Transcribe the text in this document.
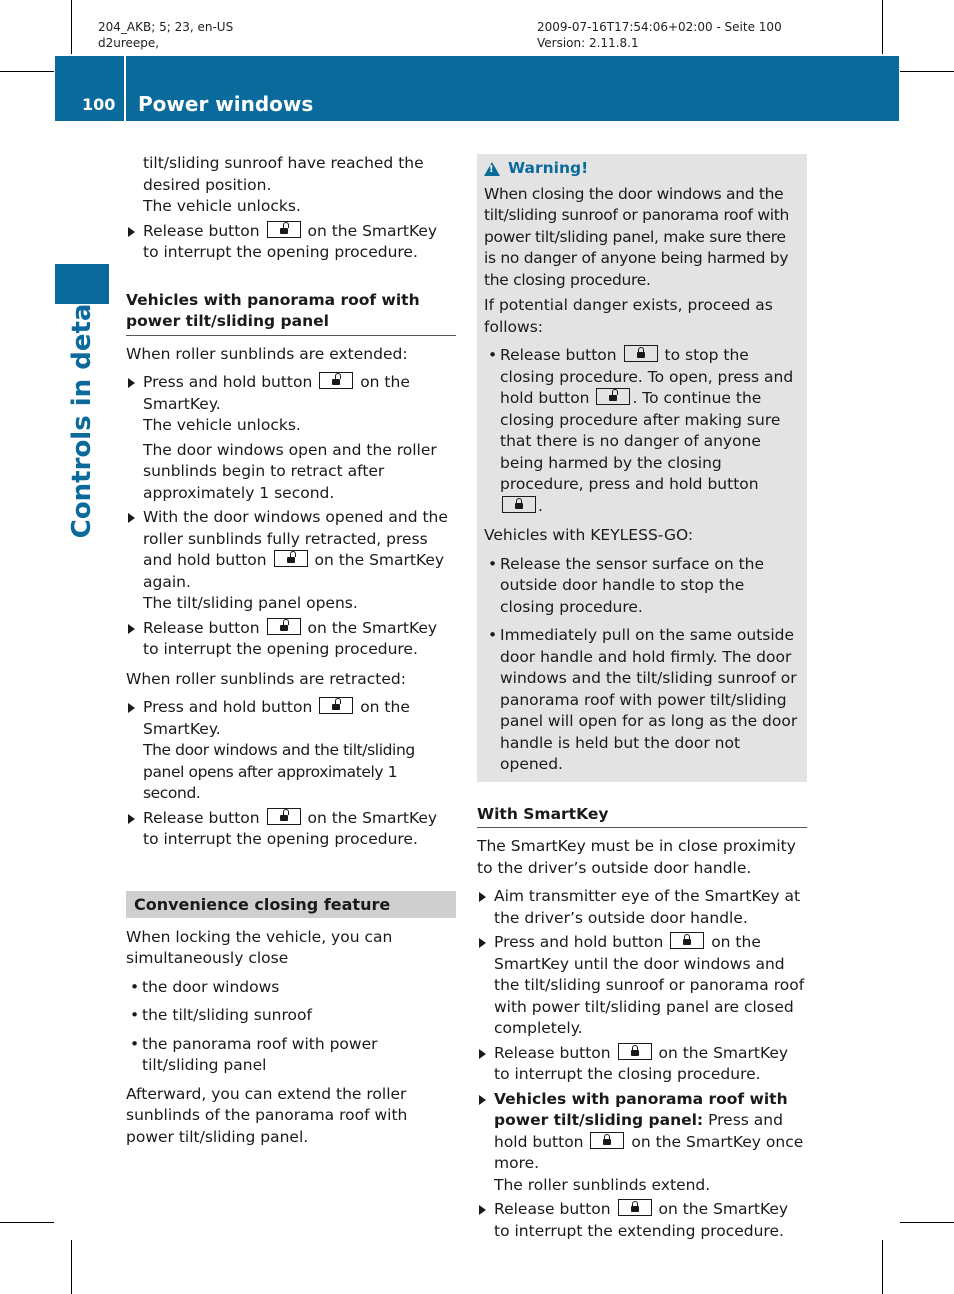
204_AKB; 5; 23, en-US
d2ureepe,
2009-07-16T17:54:06+02:00 - Seite 100
Version: 2.11.8.1
100 Power windows
Controls in detail

tilt/sliding sunroof have reached the desired position.

The vehicle unlocks.

Release button	on the SmartKey to interrupt the opening procedure.

Vehicles with panorama roof with power tilt/sliding panel

When roller sunblinds are extended:

Press and hold button	on the SmartKey.

The vehicle unlocks.

The door windows open and the roller sunblinds begin to retract after approximately 1 second.

With the door windows opened and the roller sunblinds fully retracted, press and hold button	on the SmartKey again.

The tilt/sliding panel opens.

Release button	on the SmartKey to interrupt the opening procedure.

When roller sunblinds are retracted:

Press and hold button	on the SmartKey.

The door windows and the tilt/sliding panel opens after approximately 1 second.

Release button	on the SmartKey to interrupt the opening procedure.

Convenience closing feature

When locking the vehicle, you can simultaneously close

• the door windows

• the tilt/sliding sunroof

• the panorama roof with power tilt/sliding panel

Afterward, you can extend the roller sunblinds of the panorama roof with power tilt/sliding panel.

!
Warning!

When closing the door windows and the tilt/sliding sunroof or panorama roof with power tilt/sliding panel, make sure there is no danger of anyone being harmed by the closing procedure.

If potential danger exists, proceed as follows:

• Release button	to stop the closing procedure. To open, press and hold button	. To continue the closing procedure after making sure that there is no danger of anyone being harmed by the closing procedure, press and hold button
.

Vehicles with KEYLESS-GO:

• Release the sensor surface on the outside door handle to stop the closing procedure.

• Immediately pull on the same outside door handle and hold firmly. The door windows and the tilt/sliding sunroof or panorama roof with power tilt/sliding panel will open for as long as the door handle is held but the door not opened.

With SmartKey

The SmartKey must be in close proximity to the driver’s outside door handle.

Aim transmitter eye of the SmartKey at the driver’s outside door handle.

Press and hold button	on the SmartKey until the door windows and the tilt/sliding sunroof or panorama roof with power tilt/sliding panel are closed completely.

Release button	on the SmartKey to interrupt the closing procedure.

Vehicles with panorama roof with power tilt/sliding panel: Press and hold button	on the SmartKey once more.

The roller sunblinds extend.

Release button	on the SmartKey to interrupt the extending procedure.
